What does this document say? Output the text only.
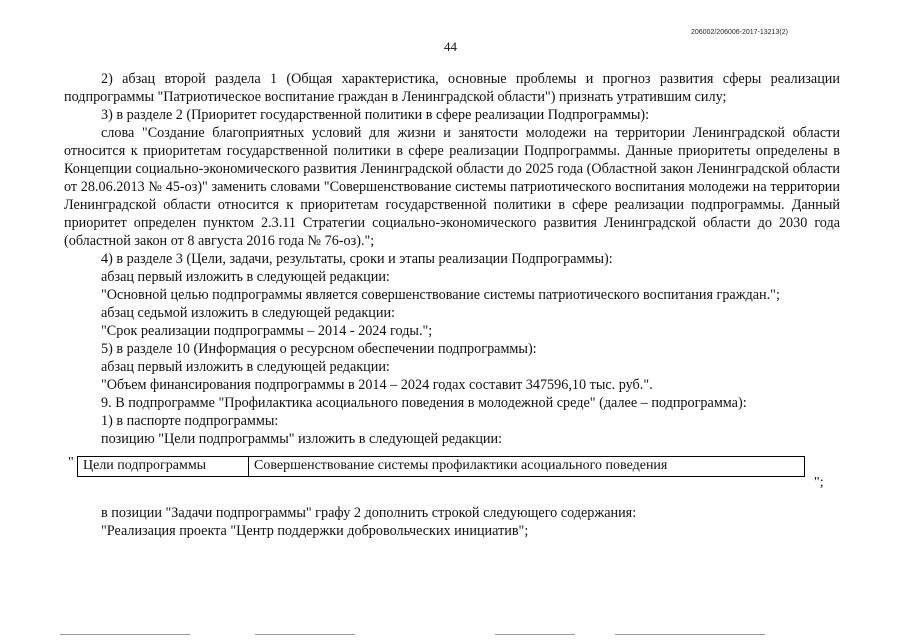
206002/206006-2017-13213(2)
44

2) абзац второй раздела 1 (Общая характеристика, основные проблемы и прогноз развития сферы реализации подпрограммы "Патриотическое воспитание граждан в Ленинградской области") признать утратившим силу;

3) в разделе 2 (Приоритет государственной политики в сфере реализации Подпрограммы):

слова "Создание благоприятных условий для жизни и занятости молодежи на территории Ленинградской области относится к приоритетам государственной политики в сфере реализации Подпрограммы. Данные приоритеты определены в Концепции социально-экономического развития Ленинградской области до 2025 года (Областной закон Ленинградской области от 28.06.2013 № 45-оз)" заменить словами "Совершенствование системы патриотического воспитания молодежи на территории Ленинградской области относится к приоритетам государственной политики в сфере реализации подпрограммы. Данный приоритет определен пунктом 2.3.11 Стратегии социально-экономического развития Ленинградской области до 2030 года (областной закон от 8 августа 2016 года № 76-оз).";

4) в разделе 3 (Цели, задачи, результаты, сроки и этапы реализации Подпрограммы):

абзац первый изложить в следующей редакции:

"Основной целью подпрограммы является совершенствование системы патриотического воспитания граждан.";

абзац седьмой изложить в следующей редакции:

"Срок реализации подпрограммы – 2014 - 2024 годы.";

5) в разделе 10 (Информация о ресурсном обеспечении подпрограммы):

абзац первый изложить в следующей редакции:

"Объем финансирования подпрограммы в 2014 – 2024 годах составит 347596,10 тыс. руб.".

9. В подпрограмме "Профилактика асоциального поведения в молодежной среде" (далее – подпрограмма):

1) в паспорте подпрограммы:

позицию "Цели подпрограммы" изложить в следующей редакции:

" Цели подпрограммы	Совершенствование системы профилактики асоциального поведения
";

в позиции "Задачи подпрограммы" графу 2 дополнить строкой следующего содержания:

"Реализация проекта "Центр поддержки добровольческих инициатив";
